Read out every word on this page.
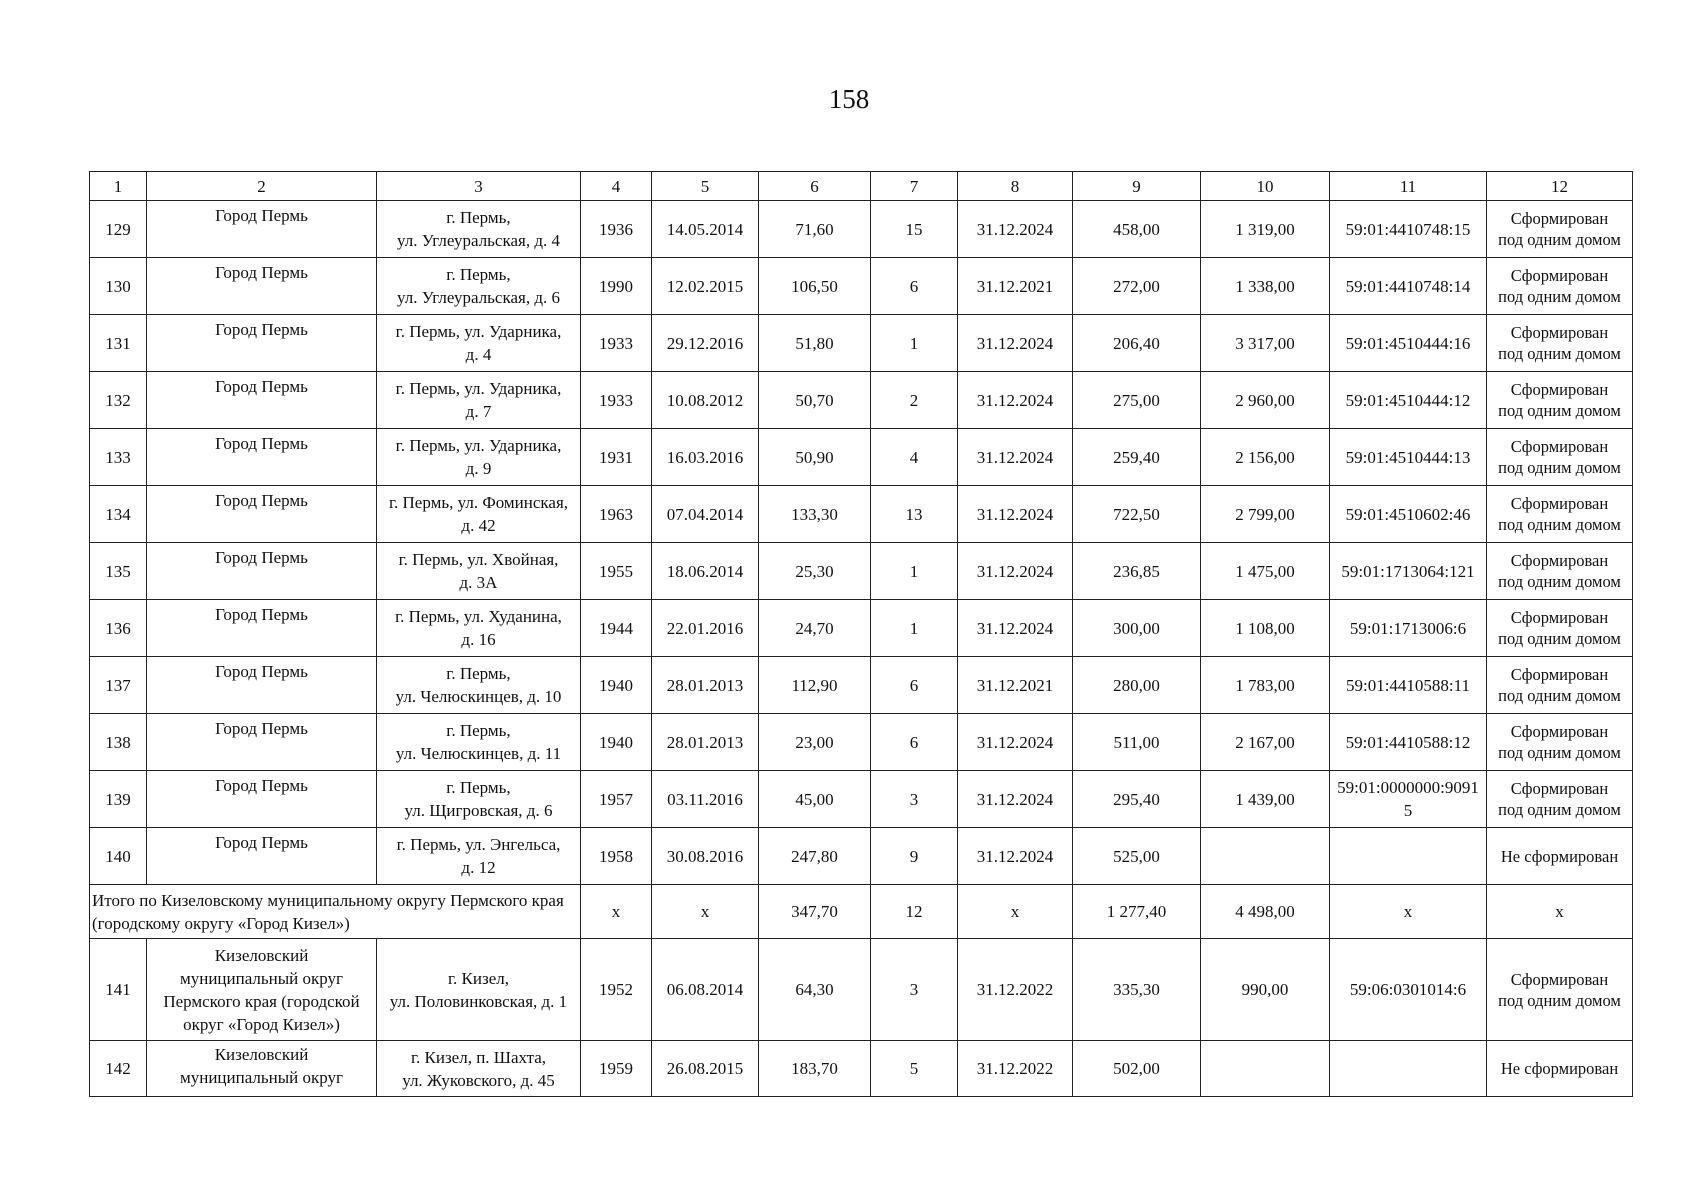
158
1	2	3	4	5	6	7	8	9	10	11	12
129	Город Пермь	г. Пермь,
ул. Углеуральская, д. 4	1936	14.05.2014	71,60	15	31.12.2024	458,00	1 319,00	59:01:4410748:15	Сформирован
под одним домом
130	Город Пермь	г. Пермь,
ул. Углеуральская, д. 6	1990	12.02.2015	106,50	6	31.12.2021	272,00	1 338,00	59:01:4410748:14	Сформирован
под одним домом
131	Город Пермь	г. Пермь, ул. Ударника,
д. 4	1933	29.12.2016	51,80	1	31.12.2024	206,40	3 317,00	59:01:4510444:16	Сформирован
под одним домом
132	Город Пермь	г. Пермь, ул. Ударника,
д. 7	1933	10.08.2012	50,70	2	31.12.2024	275,00	2 960,00	59:01:4510444:12	Сформирован
под одним домом
133	Город Пермь	г. Пермь, ул. Ударника,
д. 9	1931	16.03.2016	50,90	4	31.12.2024	259,40	2 156,00	59:01:4510444:13	Сформирован
под одним домом
134	Город Пермь	г. Пермь, ул. Фоминская,
д. 42	1963	07.04.2014	133,30	13	31.12.2024	722,50	2 799,00	59:01:4510602:46	Сформирован
под одним домом
135	Город Пермь	г. Пермь, ул. Хвойная,
д. 3А	1955	18.06.2014	25,30	1	31.12.2024	236,85	1 475,00	59:01:1713064:121	Сформирован
под одним домом
136	Город Пермь	г. Пермь, ул. Худанина,
д. 16	1944	22.01.2016	24,70	1	31.12.2024	300,00	1 108,00	59:01:1713006:6	Сформирован
под одним домом
137	Город Пермь	г. Пермь,
ул. Челюскинцев, д. 10	1940	28.01.2013	112,90	6	31.12.2021	280,00	1 783,00	59:01:4410588:11	Сформирован
под одним домом
138	Город Пермь	г. Пермь,
ул. Челюскинцев, д. 11	1940	28.01.2013	23,00	6	31.12.2024	511,00	2 167,00	59:01:4410588:12	Сформирован
под одним домом
139	Город Пермь	г. Пермь,
ул. Щигровская, д. 6	1957	03.11.2016	45,00	3	31.12.2024	295,40	1 439,00	59:01:0000000:9091 5	Сформирован
под одним домом
140	Город Пермь	г. Пермь, ул. Энгельса,
д. 12	1958	30.08.2016	247,80	9	31.12.2024	525,00			Не сформирован
Итого по Кизеловскому муниципальному округу Пермского края (городскому округу «Город Кизел»)			х	х	347,70	12	х	1 277,40	4 498,00	х	х
141	Кизеловский
муниципальный округ
Пермского края (городской
округ «Город Кизел»)	г. Кизел,
ул. Половинковская, д. 1	1952	06.08.2014	64,30	3	31.12.2022	335,30	990,00	59:06:0301014:6	Сформирован
под одним домом
142	Кизеловский
муниципальный округ	г. Кизел, п. Шахта,
ул. Жуковского, д. 45	1959	26.08.2015	183,70	5	31.12.2022	502,00			Не сформирован
